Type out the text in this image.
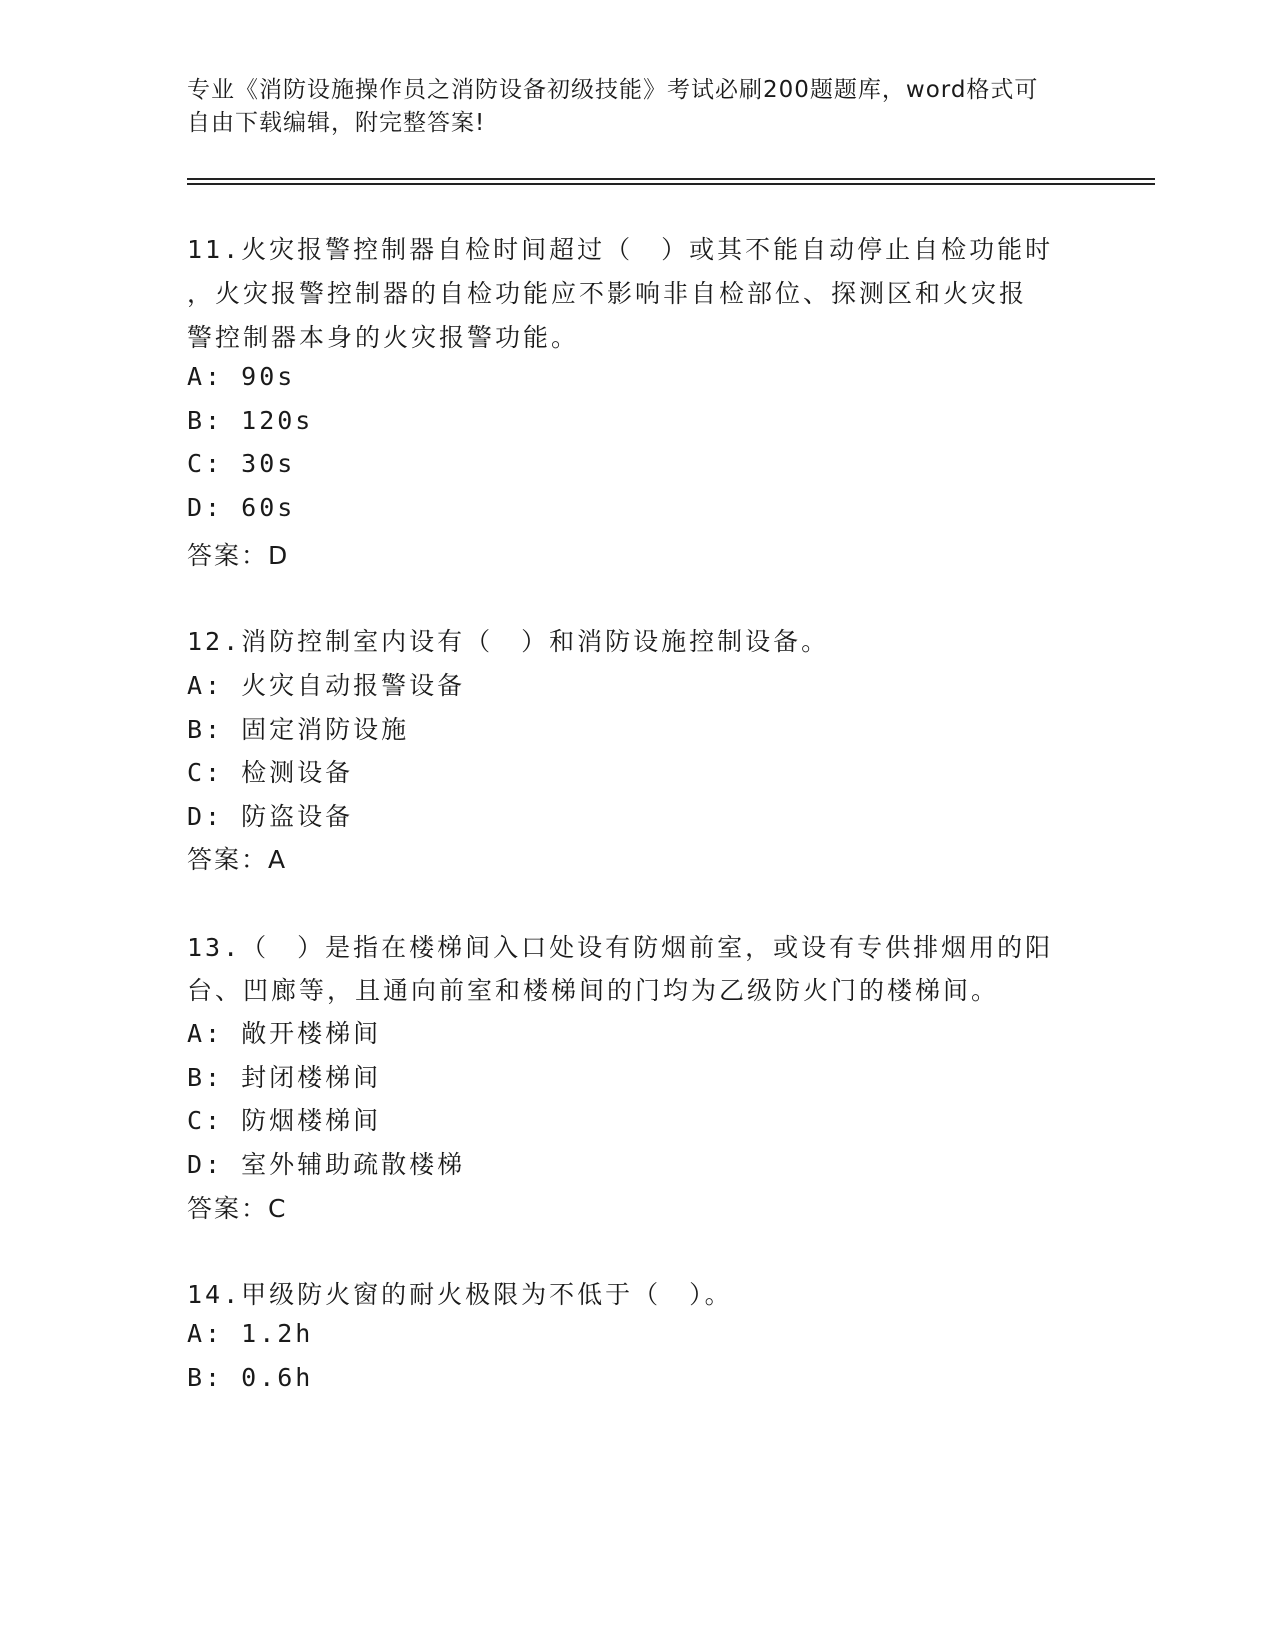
专业《消防设施操作员之消防设备初级技能》考试必刷200题题库，word格式可
自由下载编辑，附完整答案!
11.火灾报警控制器自检时间超过（　）或其不能自动停止自检功能时
，火灾报警控制器的自检功能应不影响非自检部位、探测区和火灾报
警控制器本身的火灾报警功能。
A: 90s
B: 120s
C: 30s
D: 60s
答案：D
12.消防控制室内设有（　）和消防设施控制设备。
A: 火灾自动报警设备
B: 固定消防设施
C: 检测设备
D: 防盗设备
答案：A
13.（　）是指在楼梯间入口处设有防烟前室，或设有专供排烟用的阳
台、凹廊等，且通向前室和楼梯间的门均为乙级防火门的楼梯间。
A: 敞开楼梯间
B: 封闭楼梯间
C: 防烟楼梯间
D: 室外辅助疏散楼梯
答案：C
14.甲级防火窗的耐火极限为不低于（　）。
A: 1.2h
B: 0.6h
